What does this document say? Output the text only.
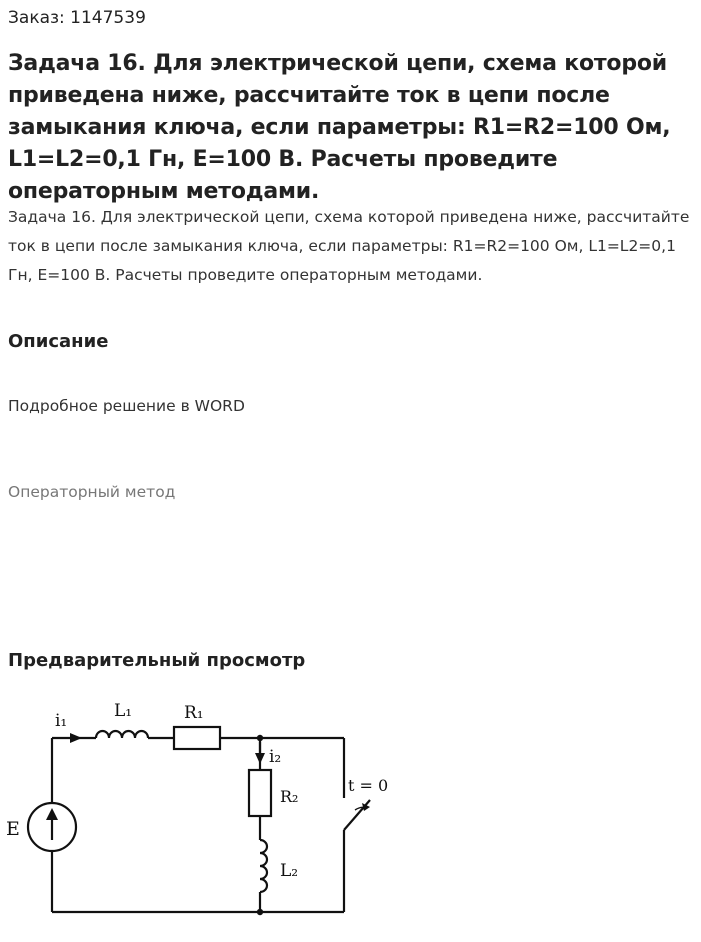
Заказ: 1147539
Задача 16. Для электрической цепи, схема которой приведена ниже, рассчитайте ток в цепи после замыкания ключа, если параметры: R1=R2=100 Ом, L1=L2=0,1 Гн, E=100 В. Расчеты проведите операторным методами.

Задача 16. Для электрической цепи, схема которой приведена ниже, рассчитайте ток в цепи после замыкания ключа, если параметры: R1=R2=100 Ом, L1=L2=0,1 Гн, E=100 В. Расчеты проведите операторным методами.

Описание

Подробное решение в WORD

Операторный метод

Предварительный просмотр
i₁	L₁	R₁
i₂
R₂
L₂
E
t = 0
